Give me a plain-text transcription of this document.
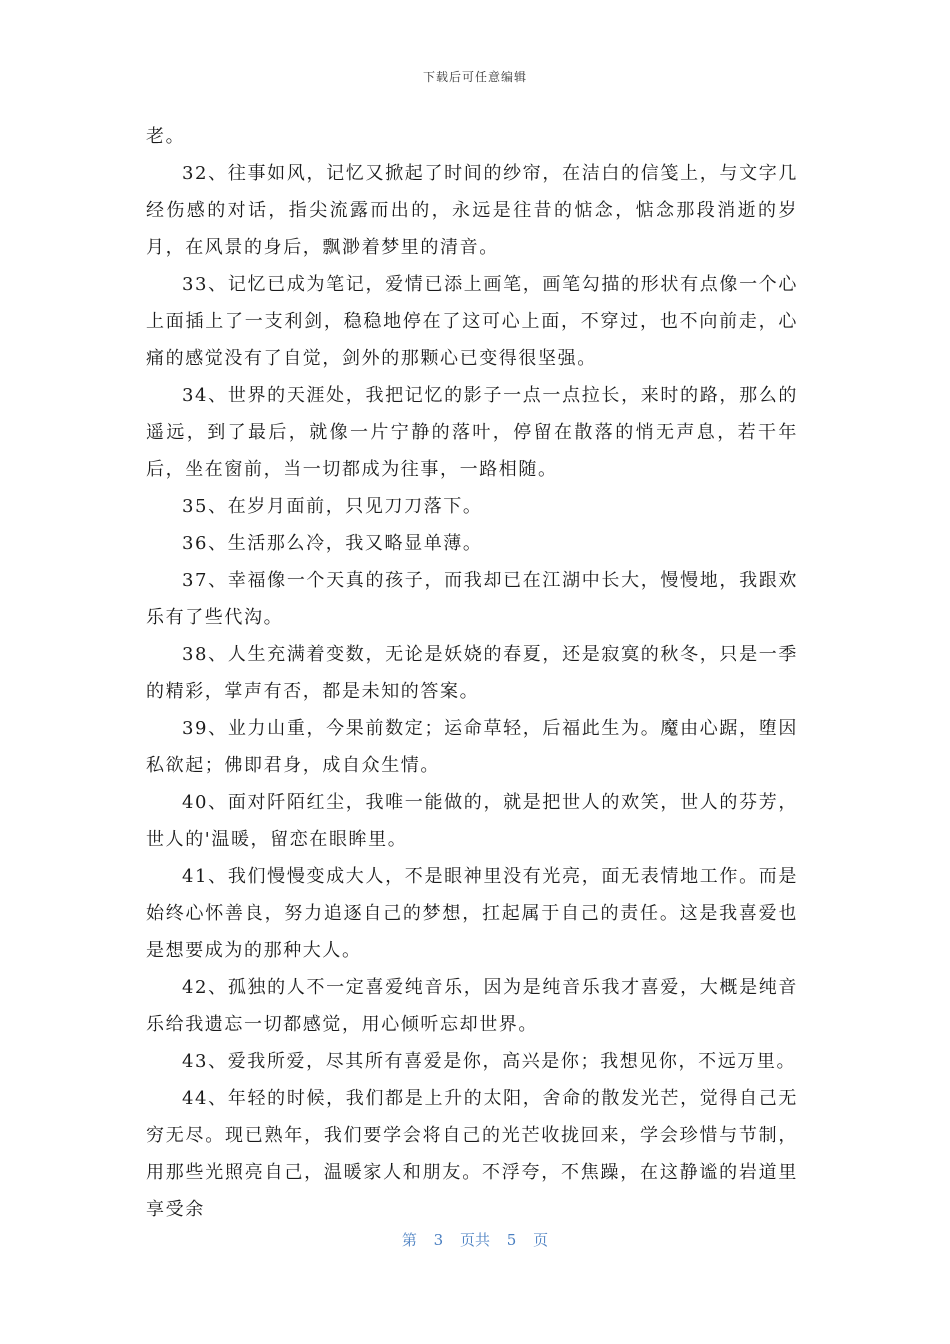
下载后可任意编辑

老。

32、往事如风，记忆又掀起了时间的纱帘，在洁白的信笺上，与文字几经伤感的对话，指尖流露而出的，永远是往昔的惦念，惦念那段消逝的岁月，在风景的身后，飘渺着梦里的清音。

33、记忆已成为笔记，爱情已添上画笔，画笔勾描的形状有点像一个心上面插上了一支利剑，稳稳地停在了这可心上面，不穿过，也不向前走，心痛的感觉没有了自觉，剑外的那颗心已变得很坚强。

34、世界的天涯处，我把记忆的影子一点一点拉长，来时的路，那么的遥远，到了最后，就像一片宁静的落叶，停留在散落的悄无声息，若干年后，坐在窗前，当一切都成为往事，一路相随。

35、在岁月面前，只见刀刀落下。

36、生活那么冷，我又略显单薄。

37、幸福像一个天真的孩子，而我却已在江湖中长大，慢慢地，我跟欢乐有了些代沟。

38、人生充满着变数，无论是妖娆的春夏，还是寂寞的秋冬，只是一季的精彩，掌声有否，都是未知的答案。

39、业力山重，今果前数定；运命草轻，后福此生为。魔由心踞，堕因私欲起；佛即君身，成自众生情。

40、面对阡陌红尘，我唯一能做的，就是把世人的欢笑，世人的芬芳，世人的'温暖，留恋在眼眸里。

41、我们慢慢变成大人，不是眼神里没有光亮，面无表情地工作。而是始终心怀善良，努力追逐自己的梦想，扛起属于自己的责任。这是我喜爱也是想要成为的那种大人。

42、孤独的人不一定喜爱纯音乐，因为是纯音乐我才喜爱，大概是纯音乐给我遗忘一切都感觉，用心倾听忘却世界。

43、爱我所爱，尽其所有喜爱是你，高兴是你；我想见你，不远万里。

44、年轻的时候，我们都是上升的太阳，舍命的散发光芒，觉得自己无穷无尽。现已熟年，我们要学会将自己的光芒收拢回来，学会珍惜与节制，用那些光照亮自己，温暖家人和朋友。不浮夸，不焦躁，在这静谧的岩道里享受余

第 3 页共 5 页
